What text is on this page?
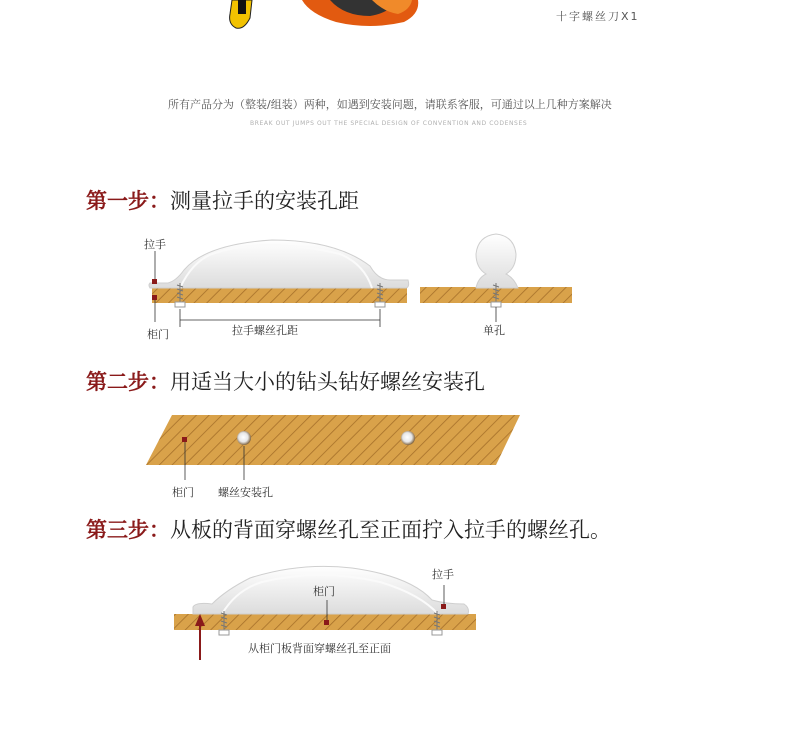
十字螺丝刀X1
所有产品分为（整装/组装）两种，如遇到安装问题，请联系客服，可通过以上几种方案解决
BREAK OUT JUMPS OUT THE SPECIAL DESIGN OF CONVENTION AND CODENSES
第一步：测量拉手的安装孔距
拉手
柜门	拉手螺丝孔距	单孔
第二步：用适当大小的钻头钻好螺丝安装孔
柜门 螺丝安装孔
第三步：从板的背面穿螺丝孔至正面拧入拉手的螺丝孔。
拉手
柜门
从柜门板背面穿螺丝孔至正面
